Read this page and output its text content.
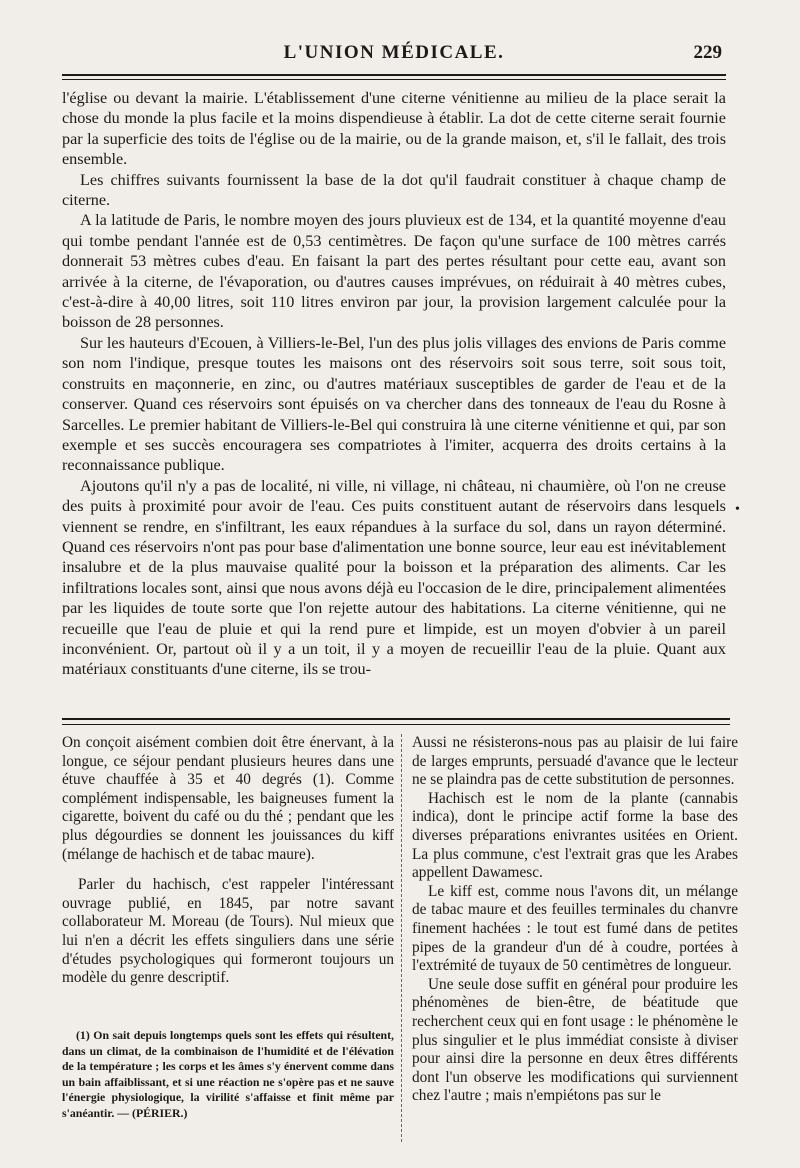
L'UNION MÉDICALE.	229

l'église ou devant la mairie. L'établissement d'une citerne vénitienne au milieu de la place serait la chose du monde la plus facile et la moins dispendieuse à établir. La dot de cette citerne serait fournie par la superficie des toits de l'église ou de la mairie, ou de la grande maison, et, s'il le fallait, des trois ensemble.

Les chiffres suivants fournissent la base de la dot qu'il faudrait constituer à chaque champ de citerne.

A la latitude de Paris, le nombre moyen des jours pluvieux est de 134, et la quantité moyenne d'eau qui tombe pendant l'année est de 0,53 centimètres. De façon qu'une surface de 100 mètres carrés donnerait 53 mètres cubes d'eau. En faisant la part des pertes résultant pour cette eau, avant son arrivée à la citerne, de l'évaporation, ou d'autres causes imprévues, on réduirait à 40 mètres cubes, c'est-à-dire à 40,00 litres, soit 110 litres environ par jour, la provision largement calculée pour la boisson de 28 personnes.

Sur les hauteurs d'Ecouen, à Villiers-le-Bel, l'un des plus jolis villages des envions de Paris comme son nom l'indique, presque toutes les maisons ont des réservoirs soit sous terre, soit sous toit, construits en maçonnerie, en zinc, ou d'autres matériaux susceptibles de garder de l'eau et de la conserver. Quand ces réservoirs sont épuisés on va chercher dans des tonneaux de l'eau du Rosne à Sarcelles. Le premier habitant de Villiers-le-Bel qui construira là une citerne vénitienne et qui, par son exemple et ses succès encouragera ses compatriotes à l'imiter, acquerra des droits certains à la reconnaissance publique.

Ajoutons qu'il n'y a pas de localité, ni ville, ni village, ni château, ni chaumière, où l'on ne creuse des puits à proximité pour avoir de l'eau. Ces puits constituent autant de réservoirs dans lesquels viennent se rendre, en s'infiltrant, les eaux répandues à la surface du sol, dans un rayon déterminé. Quand ces réservoirs n'ont pas pour base d'alimentation une bonne source, leur eau est inévitablement insalubre et de la plus mauvaise qualité pour la boisson et la préparation des aliments. Car les infiltrations locales sont, ainsi que nous avons déjà eu l'occasion de le dire, principalement alimentées par les liquides de toute sorte que l'on rejette autour des habitations. La citerne vénitienne, qui ne recueille que l'eau de pluie et qui la rend pure et limpide, est un moyen d'obvier à un pareil inconvénient. Or, partout où il y a un toit, il y a moyen de recueillir l'eau de la pluie. Quant aux matériaux constituants d'une citerne, ils se trou-

•

On conçoit aisément combien doit être énervant, à la longue, ce séjour pendant plusieurs heures dans une étuve chauffée à 35 et 40 degrés (1). Comme complément indispensable, les baigneuses fument la cigarette, boivent du café ou du thé ; pendant que les plus dégourdies se donnent les jouissances du kiff (mélange de hachisch et de tabac maure).

Parler du hachisch, c'est rappeler l'intéressant ouvrage publié, en 1845, par notre savant collaborateur M. Moreau (de Tours). Nul mieux que lui n'en a décrit les effets singuliers dans une série d'études psychologiques qui formeront toujours un modèle du genre descriptif.

(1) On sait depuis longtemps quels sont les effets qui résultent, dans un climat, de la combinaison de l'humidité et de l'élévation de la température ; les corps et les âmes s'y énervent comme dans un bain affaiblissant, et si une réaction ne s'opère pas et ne sauve l'énergie physiologique, la virilité s'affaisse et finit même par s'anéantir. — (PÉRIER.)

Aussi ne résisterons-nous pas au plaisir de lui faire de larges emprunts, persuadé d'avance que le lecteur ne se plaindra pas de cette substitution de personnes.

Hachisch est le nom de la plante (cannabis indica), dont le principe actif forme la base des diverses préparations enivrantes usitées en Orient. La plus commune, c'est l'extrait gras que les Arabes appellent Dawamesc.

Le kiff est, comme nous l'avons dit, un mélange de tabac maure et des feuilles terminales du chanvre finement hachées : le tout est fumé dans de petites pipes de la grandeur d'un dé à coudre, portées à l'extrémité de tuyaux de 50 centimètres de longueur.

Une seule dose suffit en général pour produire les phénomènes de bien-être, de béatitude que recherchent ceux qui en font usage : le phénomène le plus singulier et le plus immédiat consiste à diviser pour ainsi dire la personne en deux êtres différents dont l'un observe les modifications qui surviennent chez l'autre ; mais n'empiétons pas sur le
